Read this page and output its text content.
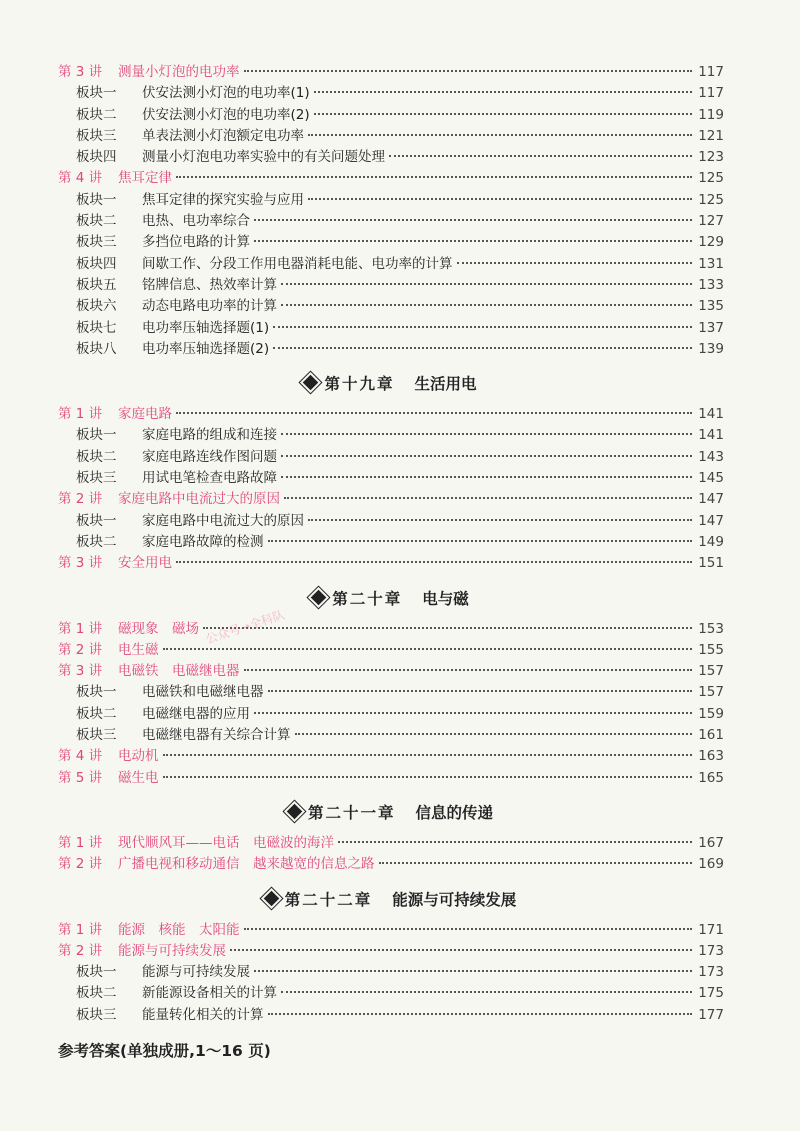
第 3 讲	测量小灯泡的电功率	117
板块一	伏安法测小灯泡的电功率(1)	117
板块二	伏安法测小灯泡的电功率(2)	119
板块三	单表法测小灯泡额定电功率	121
板块四	测量小灯泡电功率实验中的有关问题处理	123
第 4 讲	焦耳定律	125
板块一	焦耳定律的探究实验与应用	125
板块二	电热、电功率综合	127
板块三	多挡位电路的计算	129
板块四	间歇工作、分段工作用电器消耗电能、电功率的计算	131
板块五	铭牌信息、热效率计算	133
板块六	动态电路电功率的计算	135
板块七	电功率压轴选择题(1)	137
板块八	电功率压轴选择题(2)	139
第十九章 生活用电
第 1 讲	家庭电路	141
板块一	家庭电路的组成和连接	141
板块二	家庭电路连线作图问题	143
板块三	用试电笔检查电路故障	145
第 2 讲	家庭电路中电流过大的原因	147
板块一	家庭电路中电流过大的原因	147
板块二	家庭电路故障的检测	149
第 3 讲	安全用电	151
第二十章 电与磁
第 1 讲	磁现象　磁场	153
第 2 讲	电生磁	155
第 3 讲	电磁铁　电磁继电器	157
板块一	电磁铁和电磁继电器	157
板块二	电磁继电器的应用	159
板块三	电磁继电器有关综合计算	161
第 4 讲	电动机	163
第 5 讲	磁生电	165
第二十一章 信息的传递
第 1 讲	现代顺风耳——电话　电磁波的海洋	167
第 2 讲	广播电视和移动通信　越来越宽的信息之路	169
第二十二章 能源与可持续发展
第 1 讲	能源　核能　太阳能	171
第 2 讲	能源与可持续发展	173
板块一	能源与可持续发展	173
板块二	新能源设备相关的计算	175
板块三	能量转化相关的计算	177
参考答案(单独成册,1～16 页)
公众号→全科队
